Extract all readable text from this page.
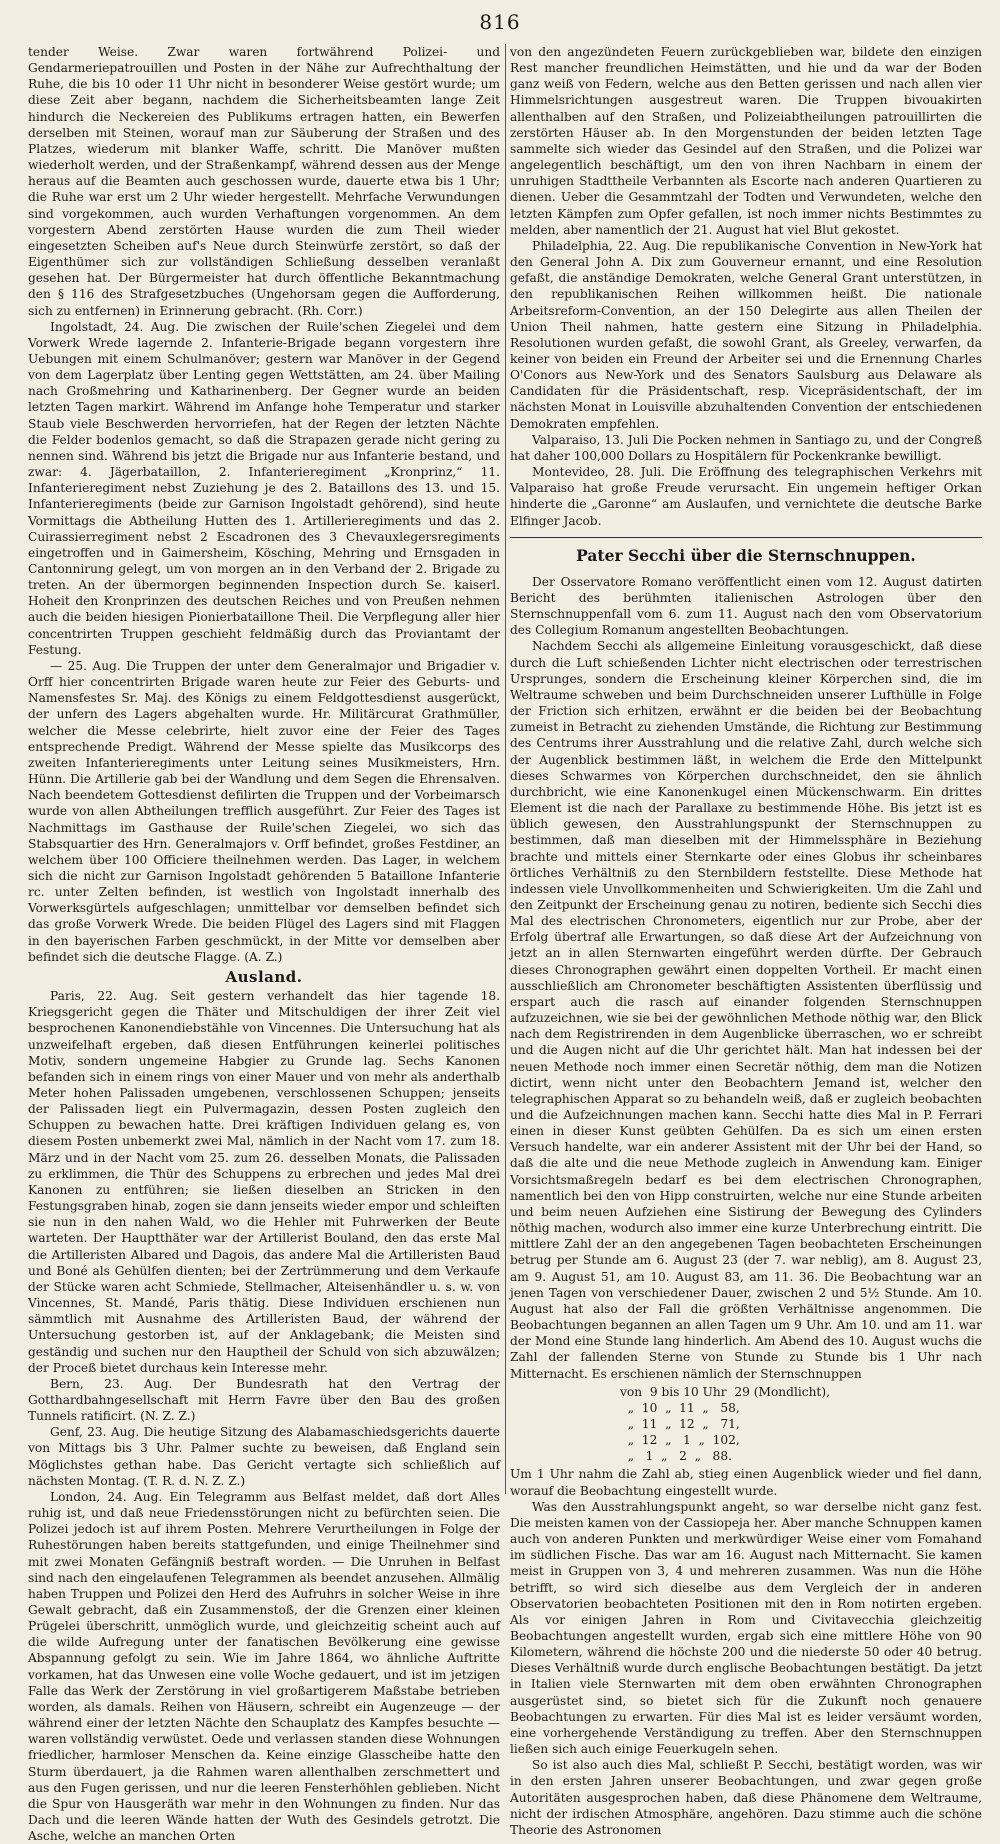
816

tender Weise. Zwar waren fortwährend Polizei- und Gendarmeriepatrouillen und Posten in der Nähe zur Aufrechthaltung der Ruhe, die bis 10 oder 11 Uhr nicht in besonderer Weise gestört wurde; um diese Zeit aber begann, nachdem die Sicherheitsbeamten lange Zeit hindurch die Neckereien des Publikums ertragen hatten, ein Bewerfen derselben mit Steinen, worauf man zur Säuberung der Straßen und des Platzes, wiederum mit blanker Waffe, schritt. Die Manöver mußten wiederholt werden, und der Straßenkampf, während dessen aus der Menge heraus auf die Beamten auch geschossen wurde, dauerte etwa bis 1 Uhr; die Ruhe war erst um 2 Uhr wieder hergestellt. Mehrfache Verwundungen sind vorgekommen, auch wurden Verhaftungen vorgenommen. An dem vorgestern Abend zerstörten Hause wurden die zum Theil wieder eingesetzten Scheiben auf's Neue durch Steinwürfe zerstört, so daß der Eigenthümer sich zur vollständigen Schließung desselben veranlaßt gesehen hat. Der Bürgermeister hat durch öffentliche Bekanntmachung den § 116 des Strafgesetzbuches (Ungehorsam gegen die Aufforderung, sich zu entfernen) in Erinnerung gebracht. (Rh. Corr.)

Ingolstadt, 24. Aug. Die zwischen der Ruile'schen Ziegelei und dem Vorwerk Wrede lagernde 2. Infanterie-Brigade begann vorgestern ihre Uebungen mit einem Schulmanöver; gestern war Manöver in der Gegend von dem Lagerplatz über Lenting gegen Wettstätten, am 24. über Mailing nach Großmehring und Katharinenberg. Der Gegner wurde an beiden letzten Tagen markirt. Während im Anfange hohe Temperatur und starker Staub viele Beschwerden hervorriefen, hat der Regen der letzten Nächte die Felder bodenlos gemacht, so daß die Strapazen gerade nicht gering zu nennen sind. Während bis jetzt die Brigade nur aus Infanterie bestand, und zwar: 4. Jägerbataillon, 2. Infanterieregiment „Kronprinz,“ 11. Infanterieregiment nebst Zuziehung je des 2. Bataillons des 13. und 15. Infanterieregiments (beide zur Garnison Ingolstadt gehörend), sind heute Vormittags die Abtheilung Hutten des 1. Artillerieregiments und das 2. Cuirassierregiment nebst 2 Escadronen des 3 Chevauxlegersregiments eingetroffen und in Gaimersheim, Kösching, Mehring und Ernsgaden in Cantonnirung gelegt, um von morgen an in den Verband der 2. Brigade zu treten. An der übermorgen beginnenden Inspection durch Se. kaiserl. Hoheit den Kronprinzen des deutschen Reiches und von Preußen nehmen auch die beiden hiesigen Pionierbataillone Theil. Die Verpflegung aller hier concentrirten Truppen geschieht feldmäßig durch das Proviantamt der Festung.

— 25. Aug. Die Truppen der unter dem Generalmajor und Brigadier v. Orff hier concentrirten Brigade waren heute zur Feier des Geburts- und Namensfestes Sr. Maj. des Königs zu einem Feldgottesdienst ausgerückt, der unfern des Lagers abgehalten wurde. Hr. Militärcurat Grathmüller, welcher die Messe celebrirte, hielt zuvor eine der Feier des Tages entsprechende Predigt. Während der Messe spielte das Musikcorps des zweiten Infanterieregiments unter Leitung seines Musikmeisters, Hrn. Hünn. Die Artillerie gab bei der Wandlung und dem Segen die Ehrensalven. Nach beendetem Gottesdienst defilirten die Truppen und der Vorbeimarsch wurde von allen Abtheilungen trefflich ausgeführt. Zur Feier des Tages ist Nachmittags im Gasthause der Ruile'schen Ziegelei, wo sich das Stabsquartier des Hrn. Generalmajors v. Orff befindet, großes Festdiner, an welchem über 100 Officiere theilnehmen werden. Das Lager, in welchem sich die nicht zur Garnison Ingolstadt gehörenden 5 Bataillone Infanterie rc. unter Zelten befinden, ist westlich von Ingolstadt innerhalb des Vorwerksgürtels aufgeschlagen; unmittelbar vor demselben befindet sich das große Vorwerk Wrede. Die beiden Flügel des Lagers sind mit Flaggen in den bayerischen Farben geschmückt, in der Mitte vor demselben aber befindet sich die deutsche Flagge. (A. Z.)

Ausland.

Paris, 22. Aug. Seit gestern verhandelt das hier tagende 18. Kriegsgericht gegen die Thäter und Mitschuldigen der ihrer Zeit viel besprochenen Kanonendiebstähle von Vincennes. Die Untersuchung hat als unzweifelhaft ergeben, daß diesen Entführungen keinerlei politisches Motiv, sondern ungemeine Habgier zu Grunde lag. Sechs Kanonen befanden sich in einem rings von einer Mauer und von mehr als anderthalb Meter hohen Palissaden umgebenen, verschlossenen Schuppen; jenseits der Palissaden liegt ein Pulvermagazin, dessen Posten zugleich den Schuppen zu bewachen hatte. Drei kräftigen Individuen gelang es, von diesem Posten unbemerkt zwei Mal, nämlich in der Nacht vom 17. zum 18. März und in der Nacht vom 25. zum 26. desselben Monats, die Palissaden zu erklimmen, die Thür des Schuppens zu erbrechen und jedes Mal drei Kanonen zu entführen; sie ließen dieselben an Stricken in den Festungsgraben hinab, zogen sie dann jenseits wieder empor und schleiften sie nun in den nahen Wald, wo die Hehler mit Fuhrwerken der Beute warteten. Der Hauptthäter war der Artillerist Bouland, den das erste Mal die Artilleristen Albared und Dagois, das andere Mal die Artilleristen Baud und Boné als Gehülfen dienten; bei der Zertrümmerung und dem Verkaufe der Stücke waren acht Schmiede, Stellmacher, Alteisenhändler u. s. w. von Vincennes, St. Mandé, Paris thätig. Diese Individuen erschienen nun sämmtlich mit Ausnahme des Artilleristen Baud, der während der Untersuchung gestorben ist, auf der Anklagebank; die Meisten sind geständig und suchen nur den Hauptheil der Schuld von sich abzuwälzen; der Proceß bietet durchaus kein Interesse mehr.

Bern, 23. Aug. Der Bundesrath hat den Vertrag der Gotthardbahngesellschaft mit Herrn Favre über den Bau des großen Tunnels ratificirt. (N. Z. Z.)

Genf, 23. Aug. Die heutige Sitzung des Alabamaschiedsgerichts dauerte von Mittags bis 3 Uhr. Palmer suchte zu beweisen, daß England sein Möglichstes gethan habe. Das Gericht vertagte sich schließlich auf nächsten Montag. (T. R. d. N. Z. Z.)

London, 24. Aug. Ein Telegramm aus Belfast meldet, daß dort Alles ruhig ist, und daß neue Friedensstörungen nicht zu befürchten seien. Die Polizei jedoch ist auf ihrem Posten. Mehrere Verurtheilungen in Folge der Ruhestörungen haben bereits stattgefunden, und einige Theilnehmer sind mit zwei Monaten Gefängniß bestraft worden. — Die Unruhen in Belfast sind nach den eingelaufenen Telegrammen als beendet anzusehen. Allmälig haben Truppen und Polizei den Herd des Aufruhrs in solcher Weise in ihre Gewalt gebracht, daß ein Zusammenstoß, der die Grenzen einer kleinen Prügelei überschritt, unmöglich wurde, und gleichzeitig scheint auch auf die wilde Aufregung unter der fanatischen Bevölkerung eine gewisse Abspannung gefolgt zu sein. Wie im Jahre 1864, wo ähnliche Auftritte vorkamen, hat das Unwesen eine volle Woche gedauert, und ist im jetzigen Falle das Werk der Zerstörung in viel großartigerem Maßstabe betrieben worden, als damals. Reihen von Häusern, schreibt ein Augenzeuge — der während einer der letzten Nächte den Schauplatz des Kampfes besuchte — waren vollständig verwüstet. Oede und verlassen standen diese Wohnungen friedlicher, harmloser Menschen da. Keine einzige Glasscheibe hatte den Sturm überdauert, ja die Rahmen waren allenthalben zerschmettert und aus den Fugen gerissen, und nur die leeren Fensterhöhlen geblieben. Nicht die Spur von Hausgeräth war mehr in den Wohnungen zu finden. Nur das Dach und die leeren Wände hatten der Wuth des Gesindels getrotzt. Die Asche, welche an manchen Orten

von den angezündeten Feuern zurückgeblieben war, bildete den einzigen Rest mancher freundlichen Heimstätten, und hie und da war der Boden ganz weiß von Federn, welche aus den Betten gerissen und nach allen vier Himmelsrichtungen ausgestreut waren. Die Truppen bivouakirten allenthalben auf den Straßen, und Polizeiabtheilungen patrouillirten die zerstörten Häuser ab. In den Morgenstunden der beiden letzten Tage sammelte sich wieder das Gesindel auf den Straßen, und die Polizei war angelegentlich beschäftigt, um den von ihren Nachbarn in einem der unruhigen Stadttheile Verbannten als Escorte nach anderen Quartieren zu dienen. Ueber die Gesammtzahl der Todten und Verwundeten, welche den letzten Kämpfen zum Opfer gefallen, ist noch immer nichts Bestimmtes zu melden, aber namentlich der 21. August hat viel Blut gekostet.

Philadelphia, 22. Aug. Die republikanische Convention in New-York hat den General John A. Dix zum Gouverneur ernannt, und eine Resolution gefaßt, die anständige Demokraten, welche General Grant unterstützen, in den republikanischen Reihen willkommen heißt. Die nationale Arbeitsreform-Convention, an der 150 Delegirte aus allen Theilen der Union Theil nahmen, hatte gestern eine Sitzung in Philadelphia. Resolutionen wurden gefaßt, die sowohl Grant, als Greeley, verwarfen, da keiner von beiden ein Freund der Arbeiter sei und die Ernennung Charles O'Conors aus New-York und des Senators Saulsburg aus Delaware als Candidaten für die Präsidentschaft, resp. Vicepräsidentschaft, der im nächsten Monat in Louisville abzuhaltenden Convention der entschiedenen Demokraten empfehlen.

Valparaiso, 13. Juli Die Pocken nehmen in Santiago zu, und der Congreß hat daher 100,000 Dollars zu Hospitälern für Pockenkranke bewilligt.

Montevideo, 28. Juli. Die Eröffnung des telegraphischen Verkehrs mit Valparaiso hat große Freude verursacht. Ein ungemein heftiger Orkan hinderte die „Garonne“ am Auslaufen, und vernichtete die deutsche Barke Elfinger Jacob.

Pater Secchi über die Sternschnuppen.

Der Osservatore Romano veröffentlicht einen vom 12. August datirten Bericht des berühmten italienischen Astrologen über den Sternschnuppenfall vom 6. zum 11. August nach den vom Observatorium des Collegium Romanum angestellten Beobachtungen.

Nachdem Secchi als allgemeine Einleitung vorausgeschickt, daß diese durch die Luft schießenden Lichter nicht electrischen oder terrestrischen Ursprunges, sondern die Erscheinung kleiner Körperchen sind, die im Weltraume schweben und beim Durchschneiden unserer Lufthülle in Folge der Friction sich erhitzen, erwähnt er die beiden bei der Beobachtung zumeist in Betracht zu ziehenden Umstände, die Richtung zur Bestimmung des Centrums ihrer Ausstrahlung und die relative Zahl, durch welche sich der Augenblick bestimmen läßt, in welchem die Erde den Mittelpunkt dieses Schwarmes von Körperchen durchschneidet, den sie ähnlich durchbricht, wie eine Kanonenkugel einen Mückenschwarm. Ein drittes Element ist die nach der Parallaxe zu bestimmende Höhe. Bis jetzt ist es üblich gewesen, den Ausstrahlungspunkt der Sternschnuppen zu bestimmen, daß man dieselben mit der Himmelssphäre in Beziehung brachte und mittels einer Sternkarte oder eines Globus ihr scheinbares örtliches Verhältniß zu den Sternbildern feststellte. Diese Methode hat indessen viele Unvollkommenheiten und Schwierigkeiten. Um die Zahl und den Zeitpunkt der Erscheinung genau zu notiren, bediente sich Secchi dies Mal des electrischen Chronometers, eigentlich nur zur Probe, aber der Erfolg übertraf alle Erwartungen, so daß diese Art der Aufzeichnung von jetzt an in allen Sternwarten eingeführt werden dürfte. Der Gebrauch dieses Chronographen gewährt einen doppelten Vortheil. Er macht einen ausschließlich am Chronometer beschäftigten Assistenten überflüssig und erspart auch die rasch auf einander folgenden Sternschnuppen aufzuzeichnen, wie sie bei der gewöhnlichen Methode nöthig war, den Blick nach dem Registrirenden in dem Augenblicke überraschen, wo er schreibt und die Augen nicht auf die Uhr gerichtet hält. Man hat indessen bei der neuen Methode noch immer einen Secretär nöthig, dem man die Notizen dictirt, wenn nicht unter den Beobachtern Jemand ist, welcher den telegraphischen Apparat so zu behandeln weiß, daß er zugleich beobachten und die Aufzeichnungen machen kann. Secchi hatte dies Mal in P. Ferrari einen in dieser Kunst geübten Gehülfen. Da es sich um einen ersten Versuch handelte, war ein anderer Assistent mit der Uhr bei der Hand, so daß die alte und die neue Methode zugleich in Anwendung kam. Einiger Vorsichtsmaßregeln bedarf es bei dem electrischen Chronographen, namentlich bei den von Hipp construirten, welche nur eine Stunde arbeiten und beim neuen Aufziehen eine Sistirung der Bewegung des Cylinders nöthig machen, wodurch also immer eine kurze Unterbrechung eintritt. Die mittlere Zahl der an den angegebenen Tagen beobachteten Erscheinungen betrug per Stunde am 6. August 23 (der 7. war neblig), am 8. August 23, am 9. August 51, am 10. August 83, am 11. 36. Die Beobachtung war an jenen Tagen von verschiedener Dauer, zwischen 2 und 5½ Stunde. Am 10. August hat also der Fall die größten Verhältnisse angenommen. Die Beobachtungen begannen an allen Tagen um 9 Uhr. Am 10. und am 11. war der Mond eine Stunde lang hinderlich. Am Abend des 10. August wuchs die Zahl der fallenden Sterne von Stunde zu Stunde bis 1 Uhr nach Mitternacht. Es erschienen nämlich der Sternschnuppen

von  9 bis 10 Uhr  29 (Mondlicht),
„  10  „  11  „   58,
„  11  „  12  „   71,
„  12  „   1  „  102,
„   1  „   2  „   88.

Um 1 Uhr nahm die Zahl ab, stieg einen Augenblick wieder und fiel dann, worauf die Beobachtung eingestellt wurde.

Was den Ausstrahlungspunkt angeht, so war derselbe nicht ganz fest. Die meisten kamen von der Cassiopeja her. Aber manche Schnuppen kamen auch von anderen Punkten und merkwürdiger Weise einer vom Fomahand im südlichen Fische. Das war am 16. August nach Mitternacht. Sie kamen meist in Gruppen von 3, 4 und mehreren zusammen. Was nun die Höhe betrifft, so wird sich dieselbe aus dem Vergleich der in anderen Observatorien beobachteten Positionen mit den in Rom notirten ergeben. Als vor einigen Jahren in Rom und Civitavecchia gleichzeitig Beobachtungen angestellt wurden, ergab sich eine mittlere Höhe von 90 Kilometern, während die höchste 200 und die niederste 50 oder 40 betrug. Dieses Verhältniß wurde durch englische Beobachtungen bestätigt. Da jetzt in Italien viele Sternwarten mit dem oben erwähnten Chronographen ausgerüstet sind, so bietet sich für die Zukunft noch genauere Beobachtungen zu erwarten. Für dies Mal ist es leider versäumt worden, eine vorhergehende Verständigung zu treffen. Aber den Sternschnuppen ließen sich auch einige Feuerkugeln sehen.

So ist also auch dies Mal, schließt P. Secchi, bestätigt worden, was wir in den ersten Jahren unserer Beobachtungen, und zwar gegen große Autoritäten ausgesprochen haben, daß diese Phänomene dem Weltraume, nicht der irdischen Atmosphäre, angehören. Dazu stimme auch die schöne Theorie des Astronomen
